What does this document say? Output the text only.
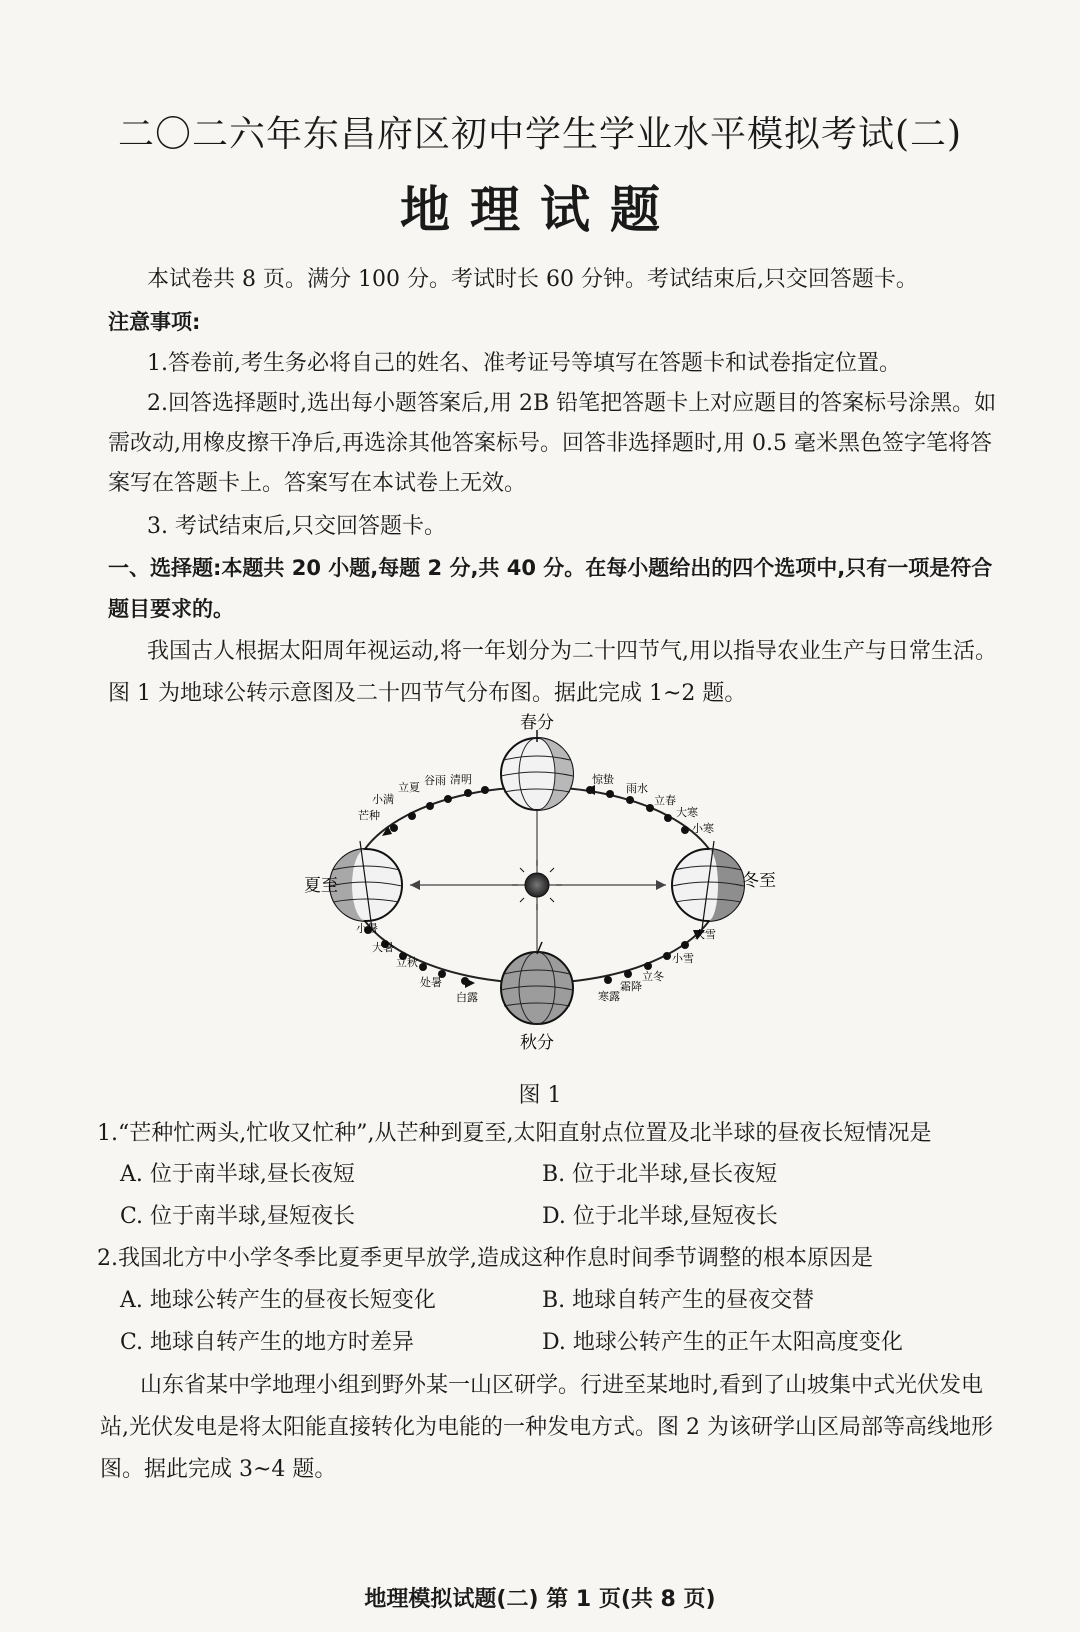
二〇二六年东昌府区初中学生学业水平模拟考试(二)
地理试题
本试卷共 8 页。满分 100 分。考试时长 60 分钟。考试结束后,只交回答题卡。
注意事项:
1.答卷前,考生务必将自己的姓名、准考证号等填写在答题卡和试卷指定位置。
2.回答选择题时,选出每小题答案后,用 2B 铅笔把答题卡上对应题目的答案标号涂黑。如
需改动,用橡皮擦干净后,再选涂其他答案标号。回答非选择题时,用 0.5 毫米黑色签字笔将答
案写在答题卡上。答案写在本试卷上无效。
3. 考试结束后,只交回答题卡。
一、选择题:本题共 20 小题,每题 2 分,共 40 分。在每小题给出的四个选项中,只有一项是符合
题目要求的。
我国古人根据太阳周年视运动,将一年划分为二十四节气,用以指导农业生产与日常生活。
图 1 为地球公转示意图及二十四节气分布图。据此完成 1~2 题。
春分
夏至
秋分
冬至
清明
谷雨
立夏
小满
芒种
惊蛰
雨水
立春
大寒
小寒
小暑
大暑
立秋
处暑
白露	寒露
霜降
立冬
小雪
大雪
图 1
1.“芒种忙两头,忙收又忙种”,从芒种到夏至,太阳直射点位置及北半球的昼夜长短情况是
A. 位于南半球,昼长夜短	B. 位于北半球,昼长夜短
C. 位于南半球,昼短夜长	D. 位于北半球,昼短夜长
2.我国北方中小学冬季比夏季更早放学,造成这种作息时间季节调整的根本原因是
A. 地球公转产生的昼夜长短变化	B. 地球自转产生的昼夜交替
C. 地球自转产生的地方时差异	D. 地球公转产生的正午太阳高度变化
山东省某中学地理小组到野外某一山区研学。行进至某地时,看到了山坡集中式光伏发电
站,光伏发电是将太阳能直接转化为电能的一种发电方式。图 2 为该研学山区局部等高线地形
图。据此完成 3~4 题。
地理模拟试题(二) 第 1 页(共 8 页)
